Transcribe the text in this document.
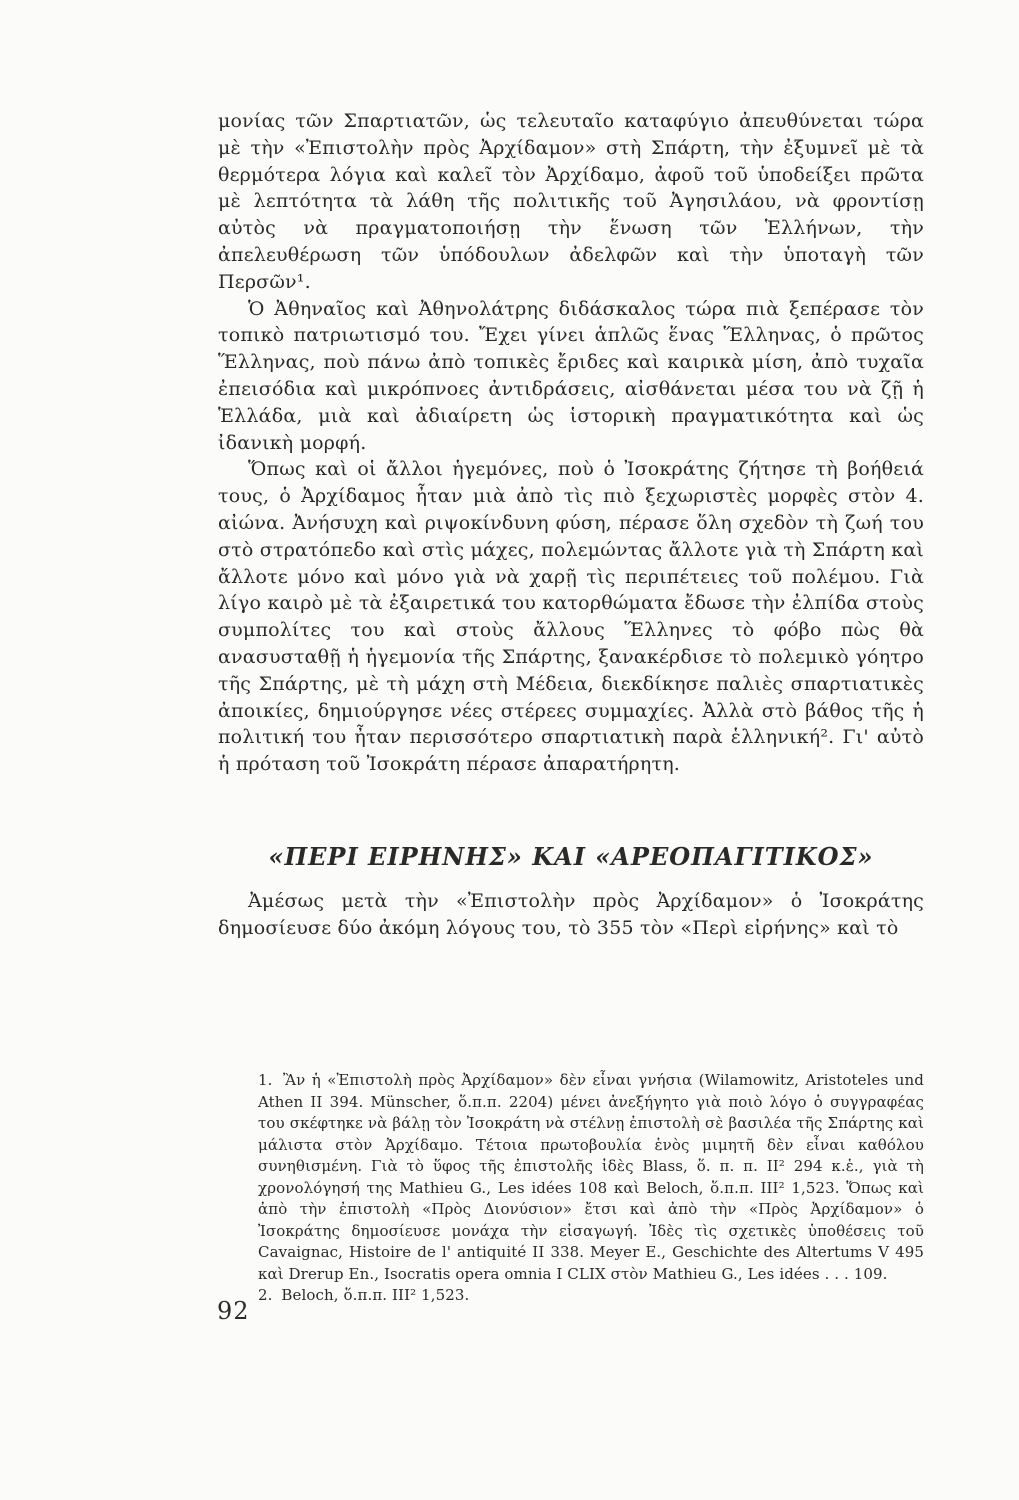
μονίας τῶν Σπαρτιατῶν, ὡς τελευταῖο καταφύγιο ἀπευθύνεται τώρα μὲ τὴν «Ἐπιστολὴν πρὸς Ἀρχίδαμον» στὴ Σπάρτη, τὴν ἐξυμνεῖ μὲ τὰ θερμότερα λόγια καὶ καλεῖ τὸν Ἀρχίδαμο, ἀφοῦ τοῦ ὑποδείξει πρῶτα μὲ λεπτότητα τὰ λάθη τῆς πολιτικῆς τοῦ Ἀγησιλάου, νὰ φροντίσῃ αὐτὸς νὰ πραγματοποιήσῃ τὴν ἕνωση τῶν Ἑλλήνων, τὴν ἀπελευθέρωση τῶν ὑπόδουλων ἀδελφῶν καὶ τὴν ὑποταγὴ τῶν Περσῶν¹.

Ὁ Ἀθηναῖος καὶ Ἀθηνολάτρης διδάσκαλος τώρα πιὰ ξεπέρασε τὸν τοπικὸ πατριωτισμό του. Ἔχει γίνει ἁπλῶς ἕνας Ἕλληνας, ὁ πρῶτος Ἕλληνας, ποὺ πάνω ἀπὸ τοπικὲς ἔριδες καὶ καιρικὰ μίση, ἀπὸ τυχαῖα ἐπεισόδια καὶ μικρόπνοες ἀντιδράσεις, αἰσθάνεται μέσα του νὰ ζῇ ἡ Ἑλλάδα, μιὰ καὶ ἀδιαίρετη ὡς ἱστορικὴ πραγματικότητα καὶ ὡς ἰδανικὴ μορφή.

Ὅπως καὶ οἱ ἄλλοι ἡγεμόνες, ποὺ ὁ Ἰσοκράτης ζήτησε τὴ βοήθειά τους, ὁ Ἀρχίδαμος ἦταν μιὰ ἀπὸ τὶς πιὸ ξεχωριστὲς μορφὲς στὸν 4. αἰώνα. Ἀνήσυχη καὶ ριψοκίνδυνη φύση, πέρασε ὅλη σχεδὸν τὴ ζωή του στὸ στρατόπεδο καὶ στὶς μάχες, πολεμώντας ἄλλοτε γιὰ τὴ Σπάρτη καὶ ἄλλοτε μόνο καὶ μόνο γιὰ νὰ χαρῇ τὶς περιπέτειες τοῦ πολέμου. Γιὰ λίγο καιρὸ μὲ τὰ ἐξαιρετικά του κατορθώματα ἔδωσε τὴν ἐλπίδα στοὺς συμπολίτες του καὶ στοὺς ἄλλους Ἕλληνες τὸ φόβο πὼς θὰ ανασυσταθῇ ἡ ἡγεμονία τῆς Σπάρτης, ξανακέρδισε τὸ πολεμικὸ γόητρο τῆς Σπάρτης, μὲ τὴ μάχη στὴ Μέδεια, διεκδίκησε παλιὲς σπαρτιατικὲς ἀποικίες, δημιούργησε νέες στέρεες συμμαχίες. Ἀλλὰ στὸ βάθος τῆς ἡ πολιτική του ἦταν περισσότερο σπαρτιατικὴ παρὰ ἑλληνική². Γι' αὐτὸ ἡ πρόταση τοῦ Ἰσοκράτη πέρασε ἀπαρατήρητη.

«ΠΕΡΙ ΕΙΡΗΝΗΣ» ΚΑΙ «ΑΡΕΟΠΑΓΙΤΙΚΟΣ»

Ἀμέσως μετὰ τὴν «Ἐπιστολὴν πρὸς Ἀρχίδαμον» ὁ Ἰσοκράτης δημοσίευσε δύο ἀκόμη λόγους του, τὸ 355 τὸν «Περὶ εἰρήνης» καὶ τὸ

1. Ἂν ἡ «Ἐπιστολὴ πρὸς Ἀρχίδαμον» δὲν εἶναι γνήσια (Wilamowitz, Aristoteles und Athen II 394. Münscher, ὅ.π.π. 2204) μένει ἀνεξήγητο γιὰ ποιὸ λόγο ὁ συγγραφέας του σκέφτηκε νὰ βάλῃ τὸν Ἰσοκράτη νὰ στέλνῃ ἐπιστολὴ σὲ βασιλέα τῆς Σπάρτης καὶ μάλιστα στὸν Ἀρχίδαμο. Τέτοια πρωτοβουλία ἑνὸς μιμητῆ δὲν εἶναι καθόλου συνηθισμένη. Γιὰ τὸ ὕφος τῆς ἐπιστολῆς ἰδὲς Blass, ὅ. π. π. II² 294 κ.ἑ., γιὰ τὴ χρονολόγησή της Mathieu G., Les idées 108 καὶ Beloch, ὅ.π.π. III² 1,523. Ὅπως καὶ ἀπὸ τὴν ἐπιστολὴ «Πρὸς Διονύσιον» ἔτσι καὶ ἀπὸ τὴν «Πρὸς Ἀρχίδαμον» ὁ Ἰσοκράτης δημοσίευσε μονάχα τὴν εἰσαγωγή. Ἰδὲς τὶς σχετικὲς ὑποθέσεις τοῦ Cavaignac, Histoire de l' antiquité II 338. Meyer E., Geschichte des Altertums V 495 καὶ Drerup En., Isocratis opera omnia I CLIX στὸν Mathieu G., Les idées . . . 109.

2. Beloch, ὅ.π.π. III² 1,523.

92
